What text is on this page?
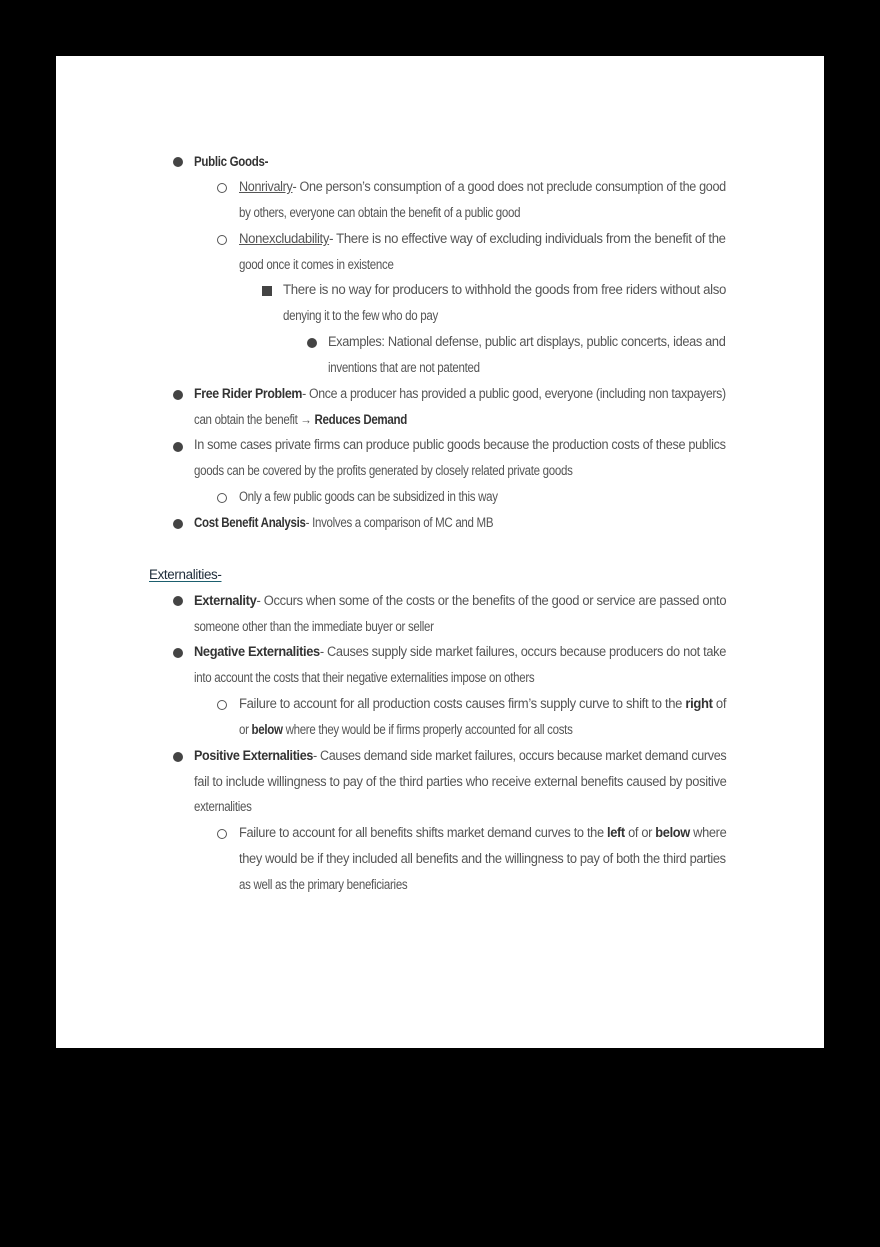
Public Goods-
Nonrivalry- One person’s consumption of a good does not preclude consumption of the good
by others, everyone can obtain the benefit of a public good
Nonexcludability- There is no effective way of excluding individuals from the benefit of the
good once it comes in existence
There is no way for producers to withhold the goods from free riders without also
denying it to the few who do pay
Examples: National defense, public art displays, public concerts, ideas and
inventions that are not patented
Free Rider Problem- Once a producer has provided a public good, everyone (including non taxpayers)
can obtain the benefit → Reduces Demand
In some cases private firms can produce public goods because the production costs of these publics
goods can be covered by the profits generated by closely related private goods
Only a few public goods can be subsidized in this way
Cost Benefit Analysis- Involves a comparison of MC and MB
Externalities-
Externality- Occurs when some of the costs or the benefits of the good or service are passed onto
someone other than the immediate buyer or seller
Negative Externalities- Causes supply side market failures, occurs because producers do not take
into account the costs that their negative externalities impose on others
Failure to account for all production costs causes firm’s supply curve to shift to the right of
or below where they would be if firms properly accounted for all costs
Positive Externalities- Causes demand side market failures, occurs because market demand curves
fail to include willingness to pay of the third parties who receive external benefits caused by positive
externalities
Failure to account for all benefits shifts market demand curves to the left of or below where
they would be if they included all benefits and the willingness to pay of both the third parties
as well as the primary beneficiaries
